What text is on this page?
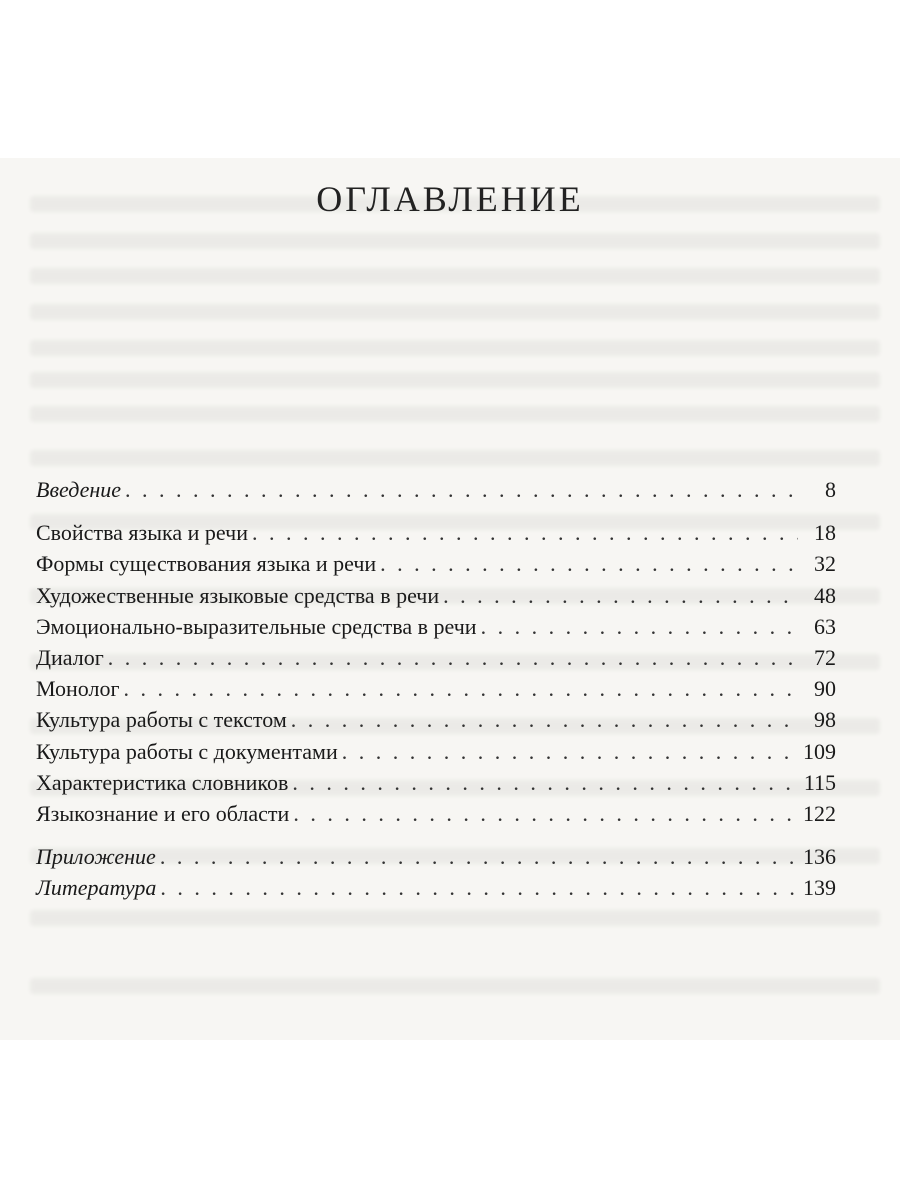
ОГЛАВЛЕНИЕ
Введение . . .	8
Свойства языка и речи . . .	18
Формы существования языка и речи . . .	32
Художественные языковые средства в речи . . .	48
Эмоционально-выразительные средства в речи . . .	63
Диалог . . .	72
Монолог . . .	90
Культура работы с текстом . . .	98
Культура работы с документами . . .	109
Характеристика словников . . .	115
Языкознание и его области . . .	122
Приложение . . .	136
Литература . . .	139
